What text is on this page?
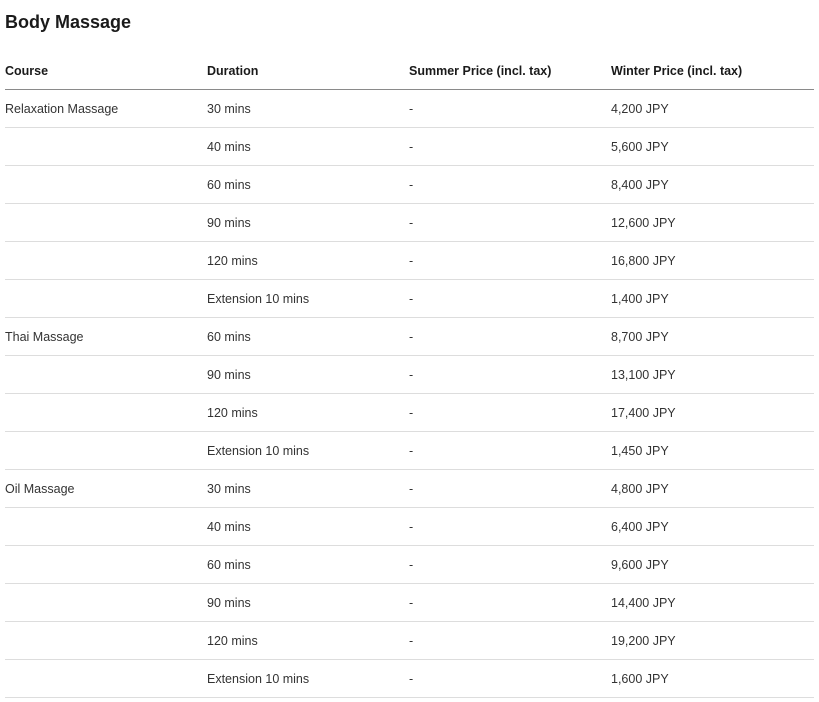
Body Massage
Course	Duration	Summer Price (incl. tax)	Winter Price (incl. tax)
Relaxation Massage	30 mins	-	4,200 JPY
	40 mins	-	5,600 JPY
	60 mins	-	8,400 JPY
	90 mins	-	12,600 JPY
	120 mins	-	16,800 JPY
	Extension 10 mins	-	1,400 JPY
Thai Massage	60 mins	-	8,700 JPY
	90 mins	-	13,100 JPY
	120 mins	-	17,400 JPY
	Extension 10 mins	-	1,450 JPY
Oil Massage	30 mins	-	4,800 JPY
	40 mins	-	6,400 JPY
	60 mins	-	9,600 JPY
	90 mins	-	14,400 JPY
	120 mins	-	19,200 JPY
	Extension 10 mins	-	1,600 JPY
